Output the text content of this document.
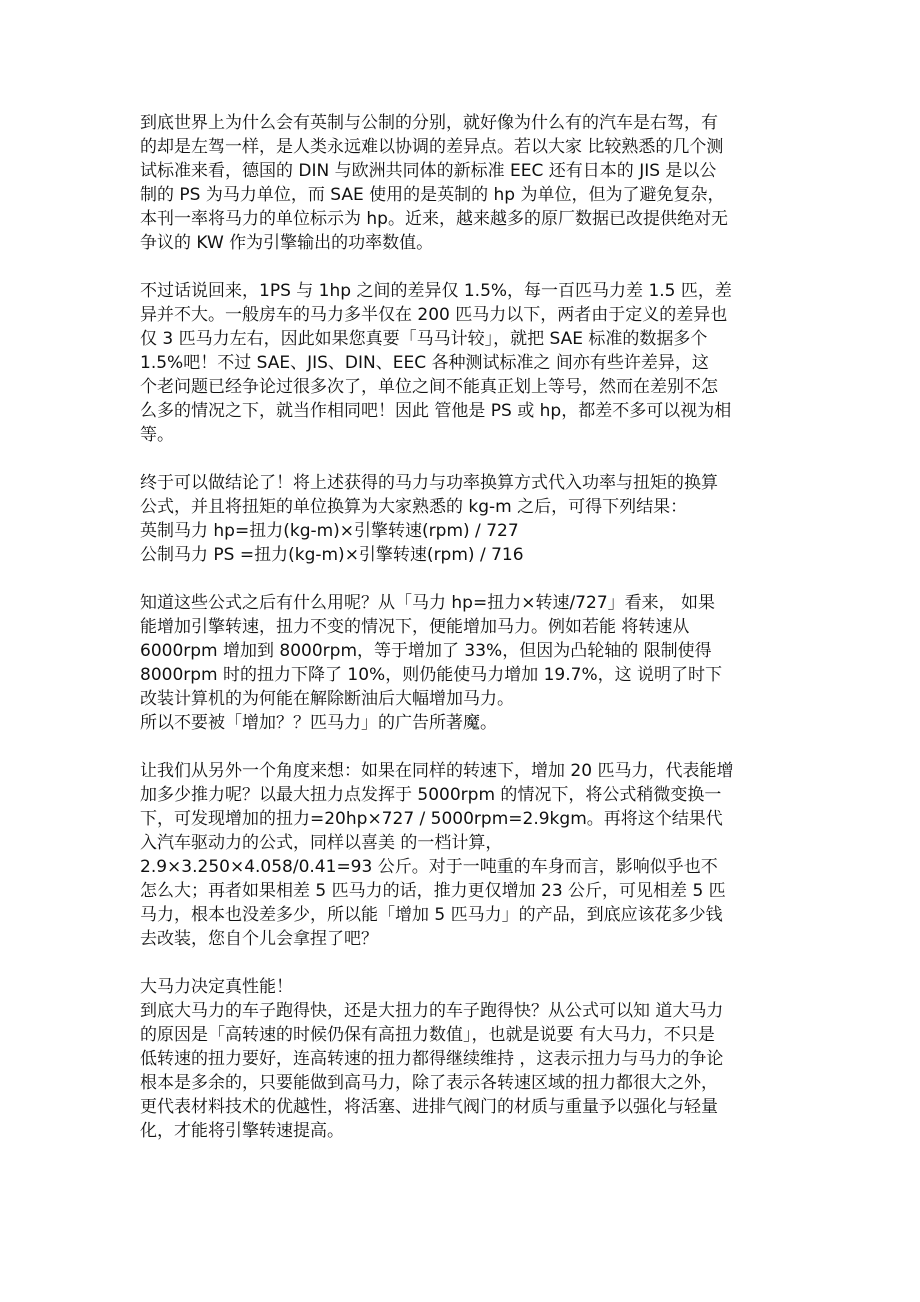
到底世界上为什么会有英制与公制的分别，就好像为什么有的汽车是右驾，有
的却是左驾一样，是人类永远难以协调的差异点。若以大家 比较熟悉的几个测
试标准来看，德国的 DIN 与欧洲共同体的新标准 EEC 还有日本的 JIS 是以公
制的 PS 为马力单位，而 SAE 使用的是英制的 hp 为单位，但为了避免复杂，
本刊一率将马力的单位标示为 hp。近来，越来越多的原厂数据已改提供绝对无
争议的 KW 作为引擎输出的功率数值。
不过话说回来，1PS 与 1hp 之间的差异仅 1.5%，每一百匹马力差 1.5 匹，差
异并不大。一般房车的马力多半仅在 200 匹马力以下，两者由于定义的差异也
仅 3 匹马力左右，因此如果您真要「马马计较」，就把 SAE 标准的数据多个
1.5%吧！不过 SAE、JIS、DIN、EEC 各种测试标准之 间亦有些许差异，这
个老问题已经争论过很多次了，单位之间不能真正划上等号，然而在差别不怎
么多的情况之下，就当作相同吧！因此 管他是 PS 或 hp，都差不多可以视为相
等。
终于可以做结论了！将上述获得的马力与功率换算方式代入功率与扭矩的换算
公式，并且将扭矩的单位换算为大家熟悉的 kg-m 之后，可得下列结果：
英制马力 hp=扭力(kg-m)×引擎转速(rpm) / 727
公制马力 PS =扭力(kg-m)×引擎转速(rpm) / 716
知道这些公式之后有什么用呢？从「马力 hp=扭力×转速/727」看来， 如果
能增加引擎转速，扭力不变的情况下，便能增加马力。例如若能 将转速从
6000rpm 增加到 8000rpm，等于增加了 33%，但因为凸轮轴的 限制使得
8000rpm 时的扭力下降了 10%，则仍能使马力增加 19.7%，这 说明了时下
改装计算机的为何能在解除断油后大幅增加马力。
所以不要被「增加？？匹马力」的广告所著魔。
让我们从另外一个角度来想：如果在同样的转速下，增加 20 匹马力，代表能增
加多少推力呢？以最大扭力点发挥于 5000rpm 的情况下，将公式稍微变换一
下，可发现增加的扭力=20hp×727 / 5000rpm=2.9kgm。再将这个结果代
入汽车驱动力的公式，同样以喜美 的一档计算，
2.9×3.250×4.058/0.41=93 公斤。对于一吨重的车身而言，影响似乎也不
怎么大；再者如果相差 5 匹马力的话，推力更仅增加 23 公斤，可见相差 5 匹
马力，根本也没差多少，所以能「增加 5 匹马力」的产品，到底应该花多少钱
去改装，您自个儿会拿捏了吧？
大马力决定真性能！
到底大马力的车子跑得快，还是大扭力的车子跑得快？从公式可以知 道大马力
的原因是「高转速的时候仍保有高扭力数值」，也就是说要 有大马力，不只是
低转速的扭力要好，连高转速的扭力都得继续维持 ，这表示扭力与马力的争论
根本是多余的，只要能做到高马力，除了表示各转速区域的扭力都很大之外，
更代表材料技术的优越性，将活塞、进排气阀门的材质与重量予以强化与轻量
化，才能将引擎转速提高。
